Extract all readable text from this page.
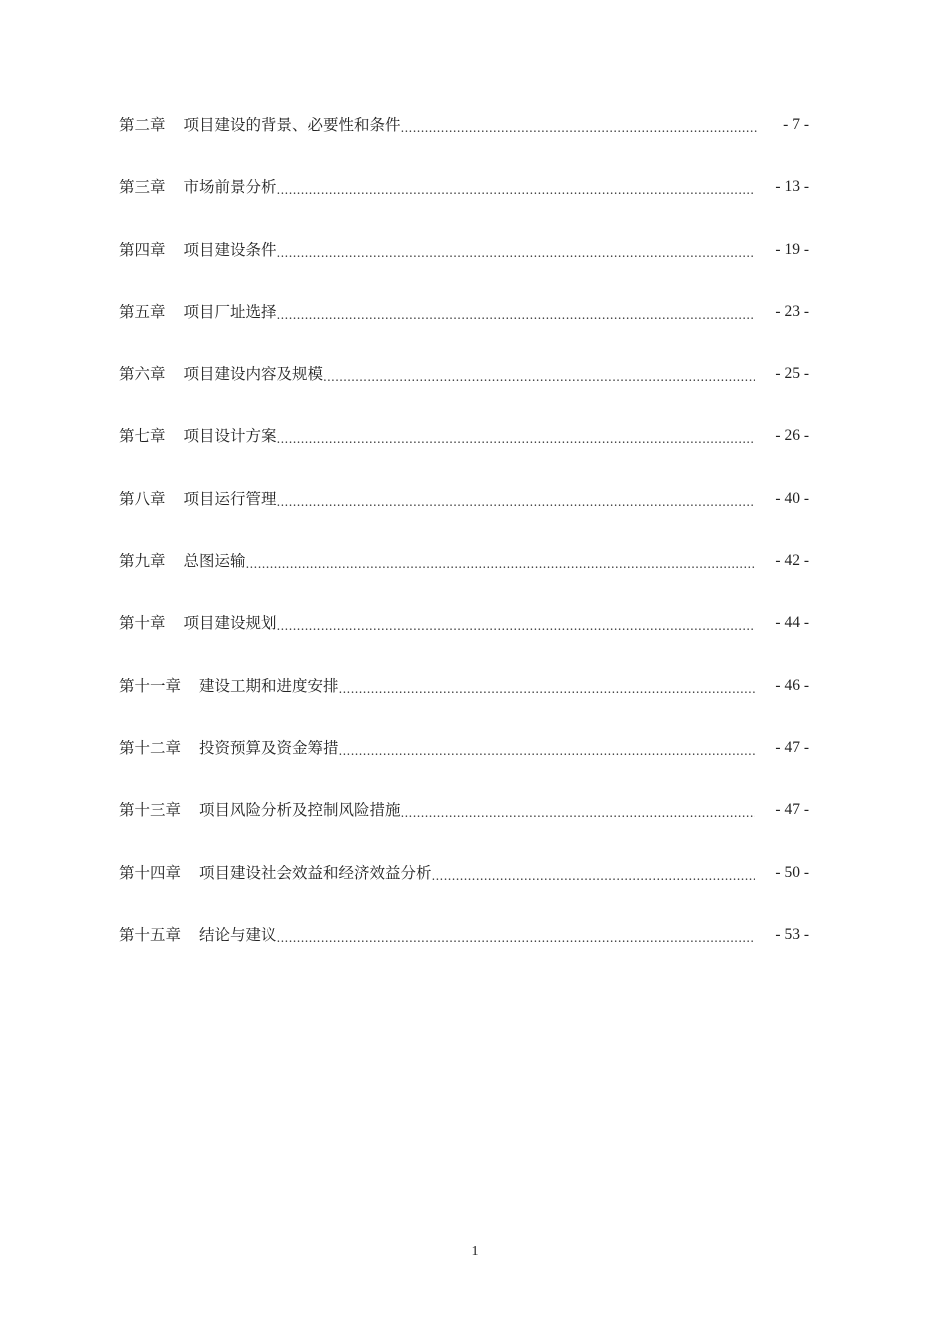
第二章 项目建设的背景、必要性和条件 .....	- 7 -
第三章 市场前景分析 .....	- 13 -
第四章 项目建设条件 .....	- 19 -
第五章 项目厂址选择 .....	- 23 -
第六章 项目建设内容及规模 .....	- 25 -
第七章 项目设计方案 .....	- 26 -
第八章 项目运行管理 .....	- 40 -
第九章 总图运输 .....	- 42 -
第十章 项目建设规划 .....	- 44 -
第十一章 建设工期和进度安排 .....	- 46 -
第十二章 投资预算及资金筹措 .....	- 47 -
第十三章 项目风险分析及控制风险措施 .....	- 47 -
第十四章 项目建设社会效益和经济效益分析 .....	- 50 -
第十五章 结论与建议 .....	- 53 -
1
